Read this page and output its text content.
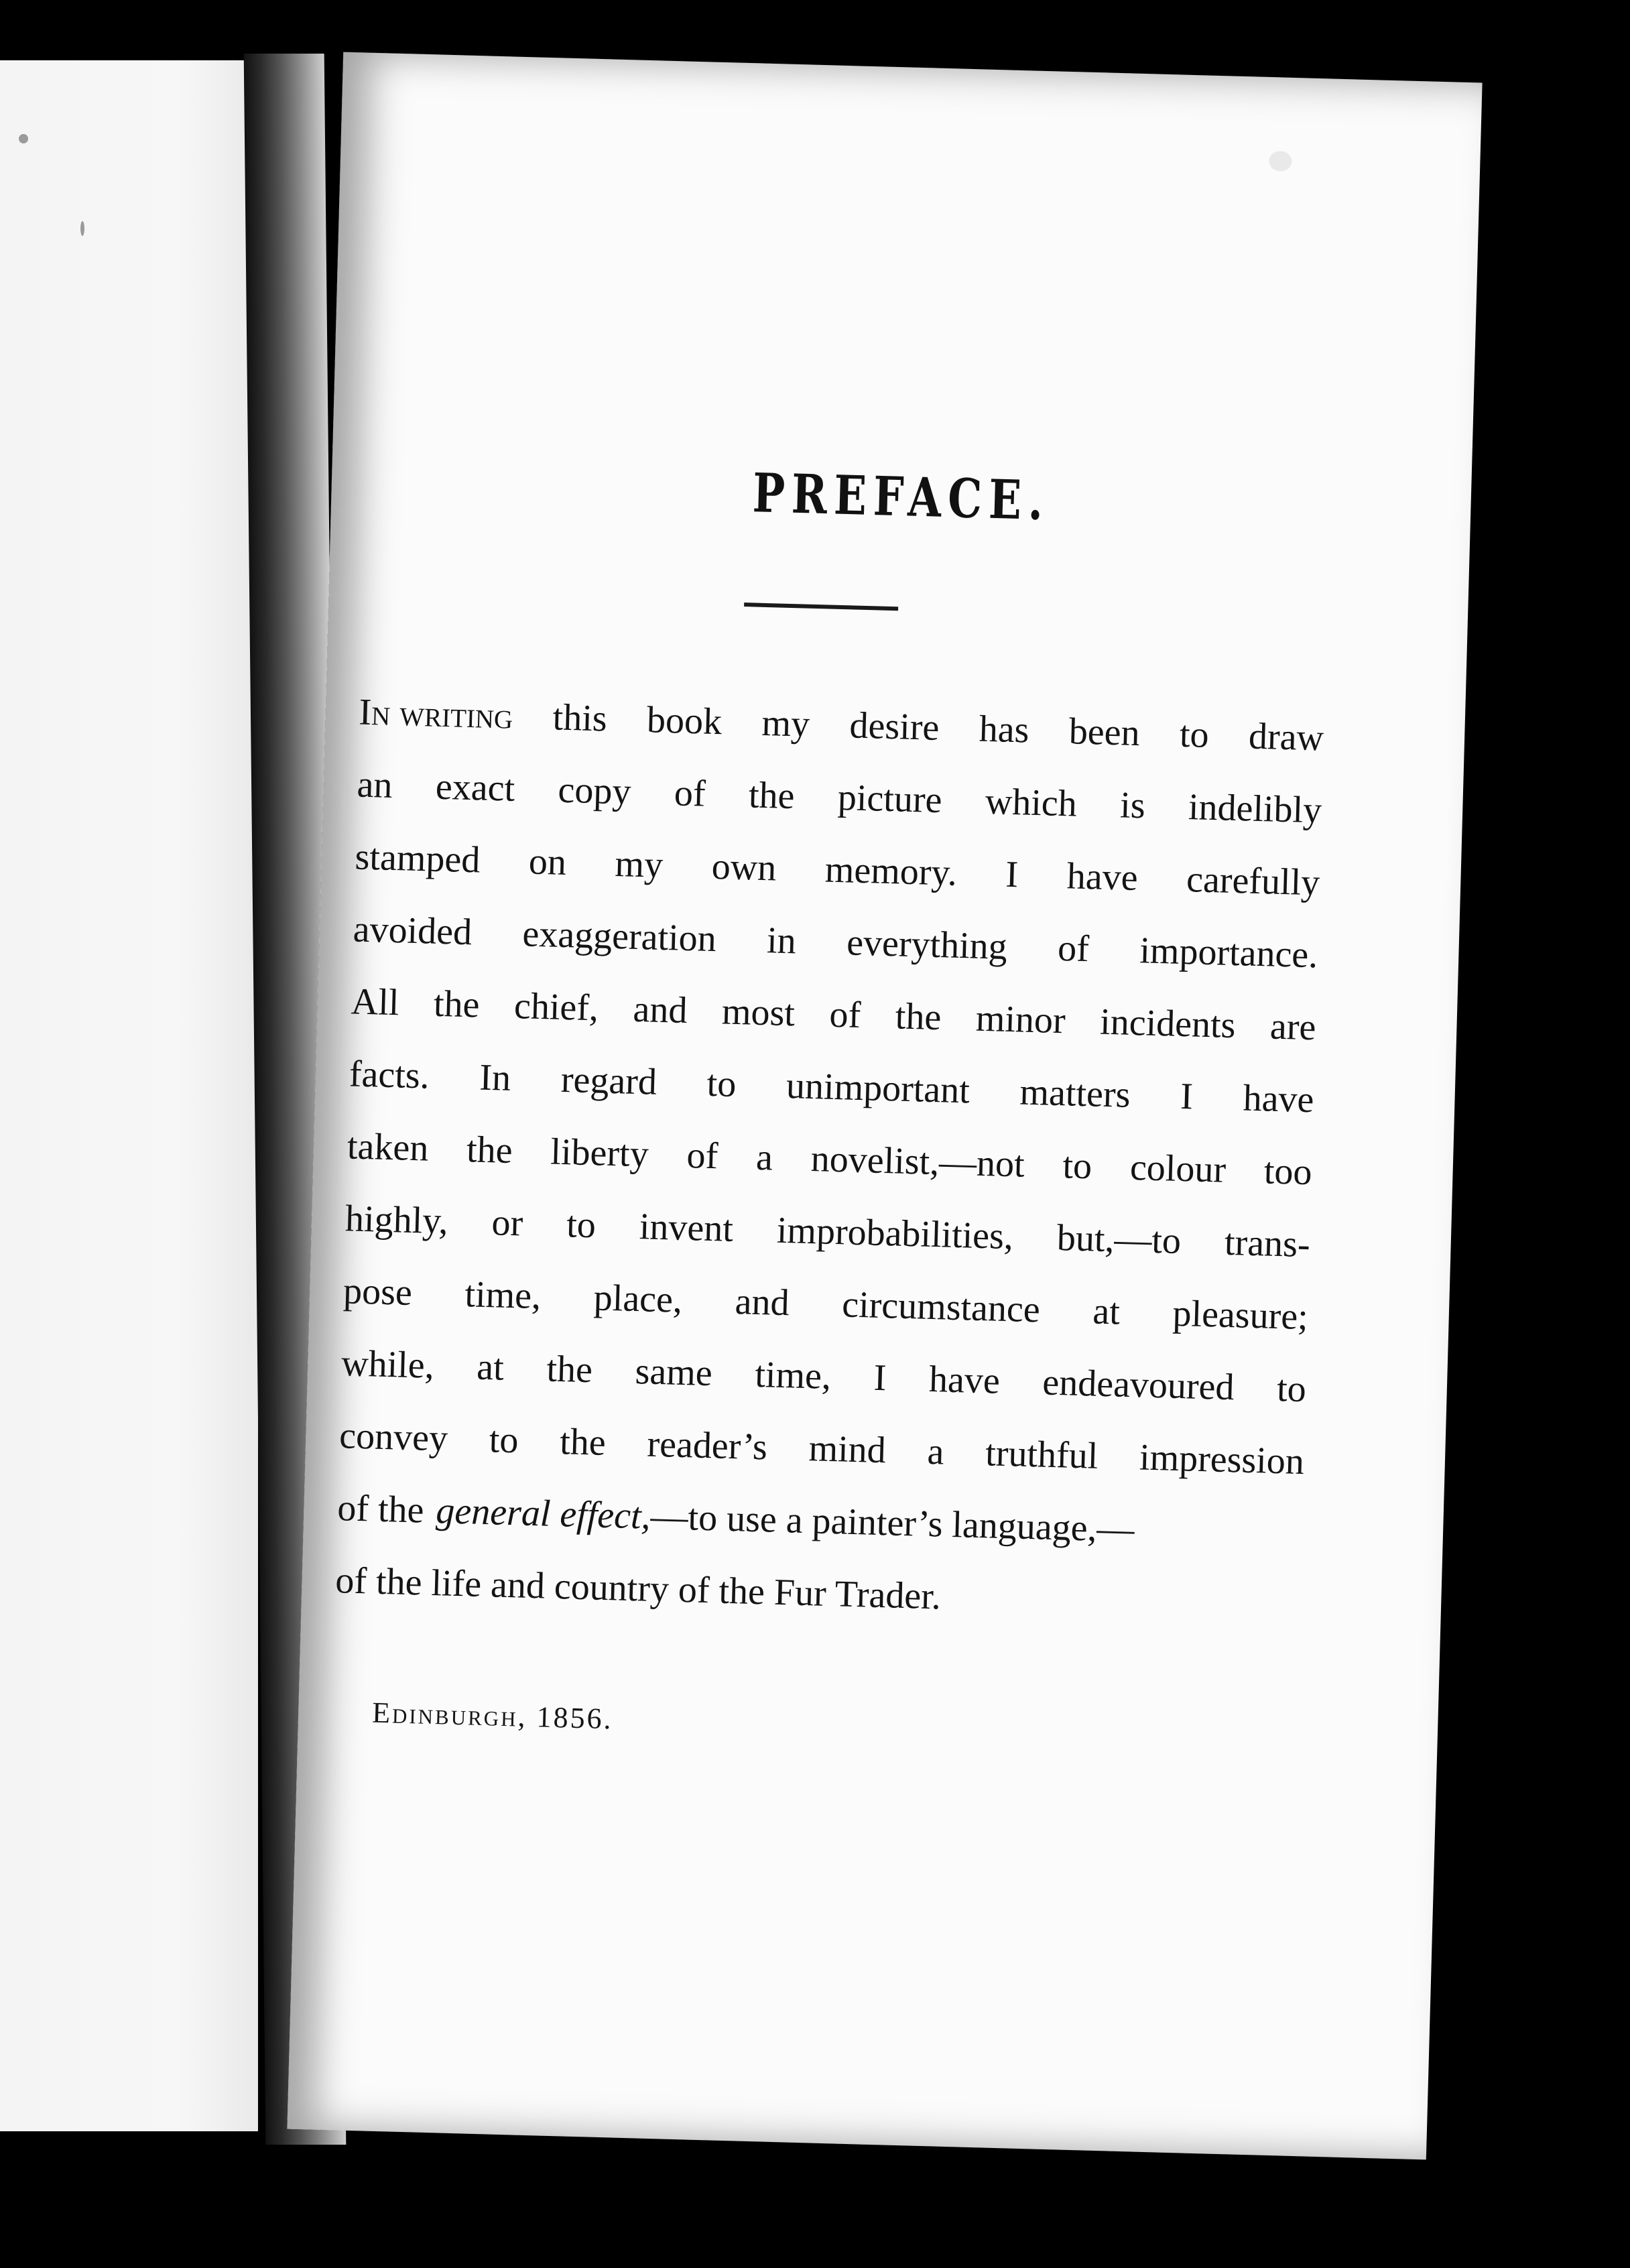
PREFACE.
In writing this book my desire has been to draw
an exact copy of the picture which is indelibly
stamped on my own memory. I have carefully
avoided exaggeration in everything of importance.
All the chief, and most of the minor incidents are
facts. In regard to unimportant matters I have
taken the liberty of a novelist,—not to colour too
highly, or to invent improbabilities, but,—to trans-
pose time, place, and circumstance at pleasure;
while, at the same time, I have endeavoured to
convey to the reader’s mind a truthful impression
of the general effect,
—to use a painter’s language,—
of the life and country of the Fur Trader.
Edinburgh, 1856.
